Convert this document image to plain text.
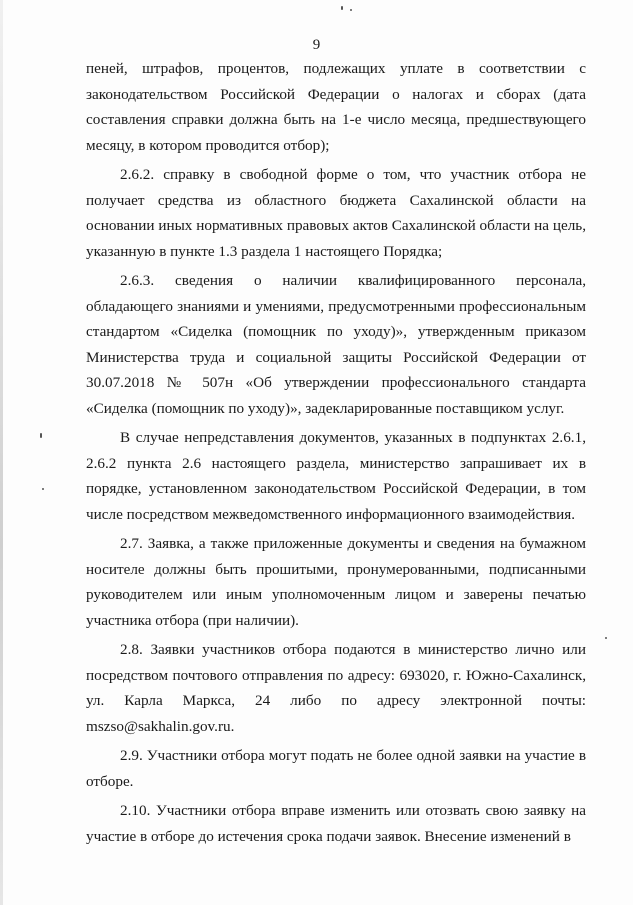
9

пеней, штрафов, процентов, подлежащих уплате в соответствии с законодательством Российской Федерации о налогах и сборах (дата составления справки должна быть на 1-е число месяца, предшествующего месяцу, в котором проводится отбор);

2.6.2. справку в свободной форме о том, что участник отбора не получает средства из областного бюджета Сахалинской области на основании иных нормативных правовых актов Сахалинской области на цель, указанную в пункте 1.3 раздела 1 настоящего Порядка;

2.6.3. сведения о наличии квалифицированного персонала, обладающего знаниями и умениями, предусмотренными профессиональным стандартом «Сиделка (помощник по уходу)», утвержденным приказом Министерства труда и социальной защиты Российской Федерации от 30.07.2018 № 507н «Об утверждении профессионального стандарта «Сиделка (помощник по уходу)», задекларированные поставщиком услуг.

В случае непредставления документов, указанных в подпунктах 2.6.1, 2.6.2 пункта 2.6 настоящего раздела, министерство запрашивает их в порядке, установленном законодательством Российской Федерации, в том числе посредством межведомственного информационного взаимодействия.

2.7. Заявка, а также приложенные документы и сведения на бумажном носителе должны быть прошитыми, пронумерованными, подписанными руководителем или иным уполномоченным лицом и заверены печатью участника отбора (при наличии).

2.8. Заявки участников отбора подаются в министерство лично или посредством почтового отправления по адресу: 693020, г. Южно-Сахалинск, ул. Карла Маркса, 24 либо по адресу электронной почты: mszso@sakhalin.gov.ru.

2.9. Участники отбора могут подать не более одной заявки на участие в отборе.

2.10. Участники отбора вправе изменить или отозвать свою заявку на участие в отборе до истечения срока подачи заявок. Внесение изменений в
